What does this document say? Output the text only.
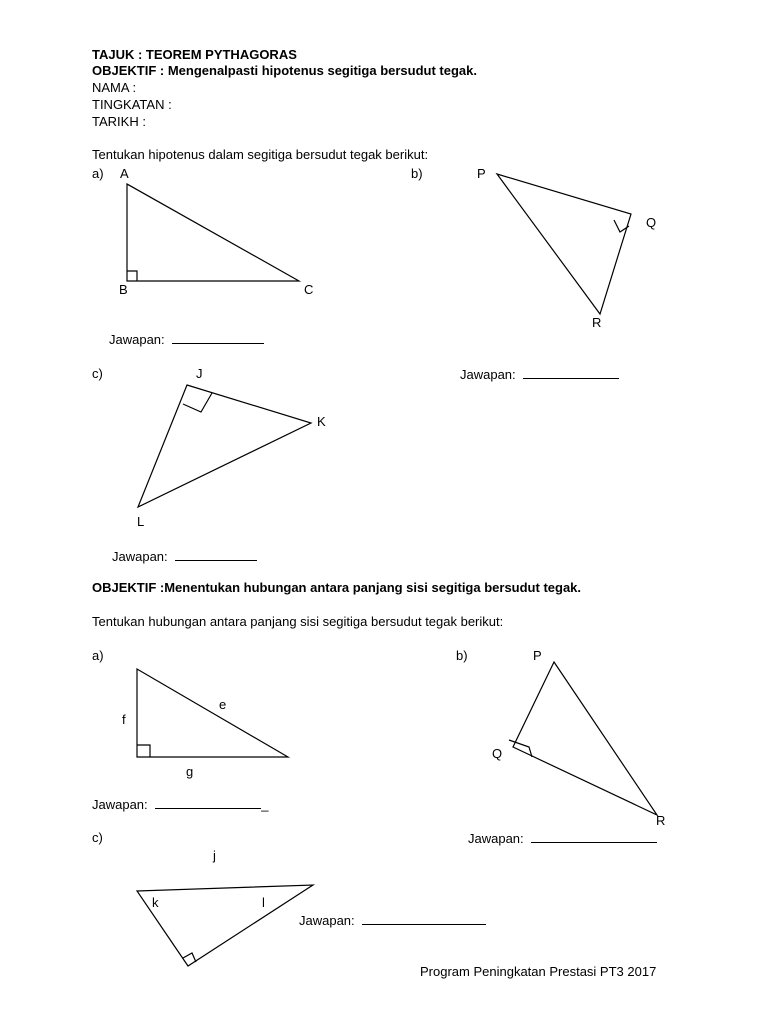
TAJUK : TEOREM PYTHAGORAS
OBJEKTIF : Mengenalpasti hipotenus segitiga bersudut tegak.
NAMA :
TINGKATAN :
TARIKH :
Tentukan hipotenus dalam segitiga bersudut tegak berikut:
a) A
B	C
Jawapan:
b)	P
Q
R
Jawapan:
c)	J
K
L
Jawapan:
OBJEKTIF :Menentukan hubungan antara panjang sisi segitiga bersudut tegak.
Tentukan hubungan antara panjang sisi segitiga bersudut tegak berikut:
a)
f
e
g
Jawapan:	_
b)	P
Q
R
Jawapan:
c)
j
k	l
Jawapan:
Program Peningkatan Prestasi PT3 2017
